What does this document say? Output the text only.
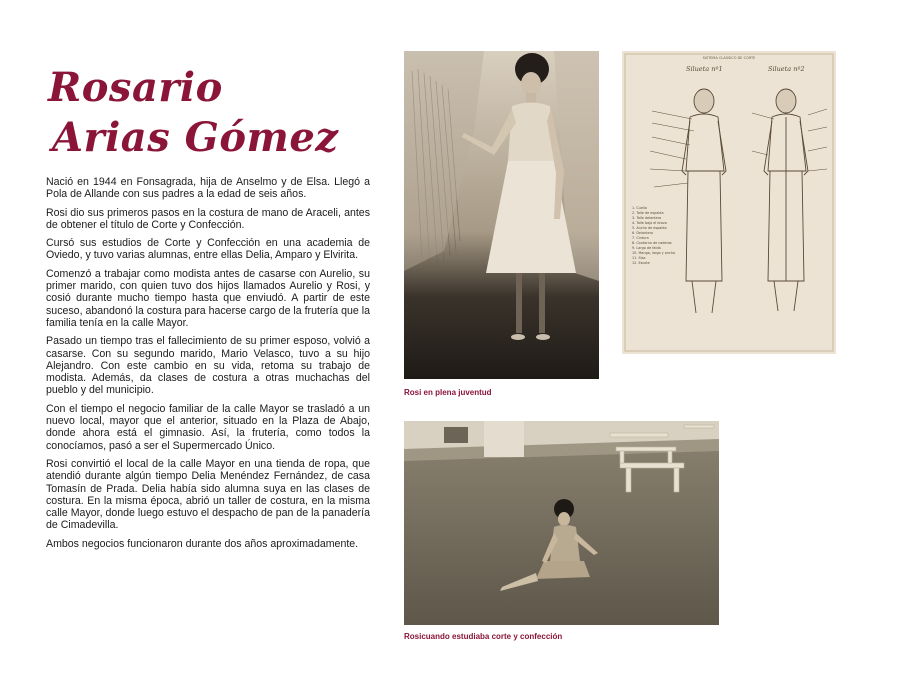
Rosario
Arias Gómez

Nació en 1944 en Fonsagrada, hija de Anselmo y de Elsa. Llegó a Pola de Allande con sus padres a la edad de seis años.

Rosi dio sus primeros pasos en la costura de mano de Araceli, antes de obtener el título de Corte y Confección.

Cursó sus estudios de Corte y Confección en una academia de Oviedo, y tuvo varias alumnas, entre ellas Delia, Amparo y Elvirita.

Comenzó a trabajar como modista antes de casarse con Aurelio, su primer marido, con quien tuvo dos hijos llamados Aurelio y Rosi, y cosió durante mucho tiempo hasta que enviudó. A partir de este suceso, abandonó la costura para hacerse cargo de la frutería que la familia tenía en la calle Mayor.

Pasado un tiempo tras el fallecimiento de su primer esposo, volvió a casarse. Con su segundo marido, Mario Velasco, tuvo a su hijo Alejandro. Con este cambio en su vida, retoma su trabajo de modista. Además, da clases de costura a otras muchachas del pueblo y del municipio.

Con el tiempo el negocio familiar de la calle Mayor se trasladó a un nuevo local, mayor que el anterior, situado en la Plaza de Abajo, donde ahora está el gimnasio. Así, la frutería, como todos la conocíamos, pasó a ser el Supermercado Único.

Rosi convirtió el local de la calle Mayor en una tienda de ropa, que atendió durante algún tiempo Delia Menéndez Fernández, de casa Tomasín de Prada. Delia había sido alumna suya en las clases de costura. En la misma época, abrió un taller de costura, en la misma calle Mayor, donde luego estuvo el despacho de pan de la panadería de Cimadevilla.

Ambos negocios funcionaron durante dos años aproximadamente.

SISTEMA CLÁSSICO DE CORTE
Silueta nº1	Silueta nº2
1. Cuello
2. Talle de espalda
3. Talle delantero
4. Talle bajo el brazo
5. Ancho de espalda
6. Delantero
7. Cintura
8. Contorno de caderas
9. Largo de falda
10. Manga, largo y ancho
11. Sisa
12. Escote
Rosi en plena juventud
Rosicuando estudiaba corte y confección
